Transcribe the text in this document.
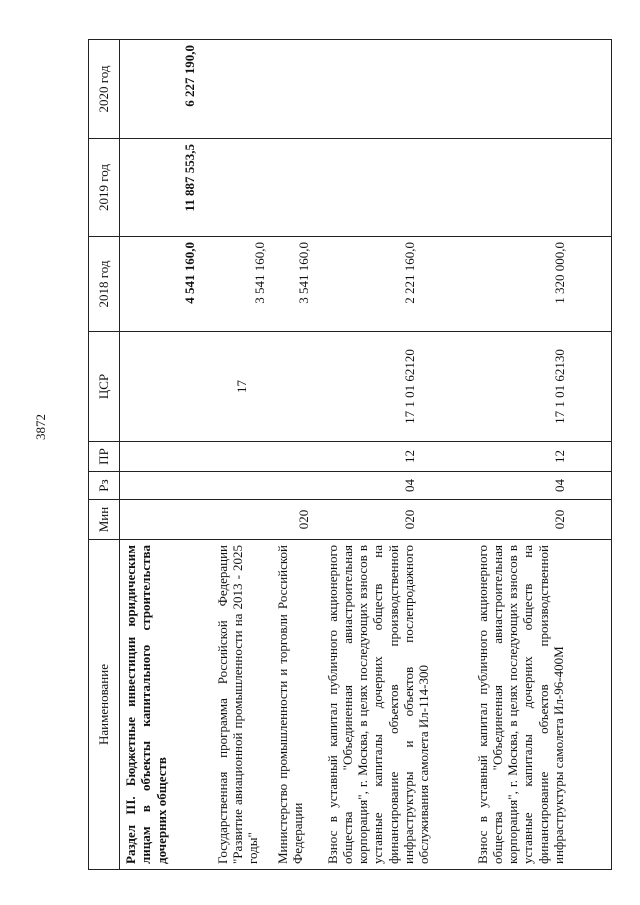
3872
Наименование	Мин	Рз	ПР	ЦСР	2018 год	2019 год	2020 год
Раздел III. Бюджетные инвестиции юридическим лицам в объекты капитального строительства дочерних обществ					4 541 160,0	11 887 553,5	6 227 190,0
Государственная программа Российской Федерации "Развитие авиационной промышленности на 2013 - 2025 годы"				17	3 541 160,0		
Министерство промышленности и торговли Российской Федерации	020				3 541 160,0		
Взнос в уставный капитал публичного акционерного общества "Объединенная авиастроительная корпорация", г. Москва, в целях последующих взносов в уставные капиталы дочерних обществ на финансирование объектов производственной инфраструктуры и объектов послепродажного обслуживания самолета Ил-114-300	020	04	12	17 1 01 62120	2 221 160,0		
Взнос в уставный капитал публичного акционерного общества "Объединенная авиастроительная корпорация", г. Москва, в целях последующих взносов в уставные капиталы дочерних обществ на финансирование объектов производственной инфраструктуры самолета Ил-96-400М	020	04	12	17 1 01 62130	1 320 000,0		
